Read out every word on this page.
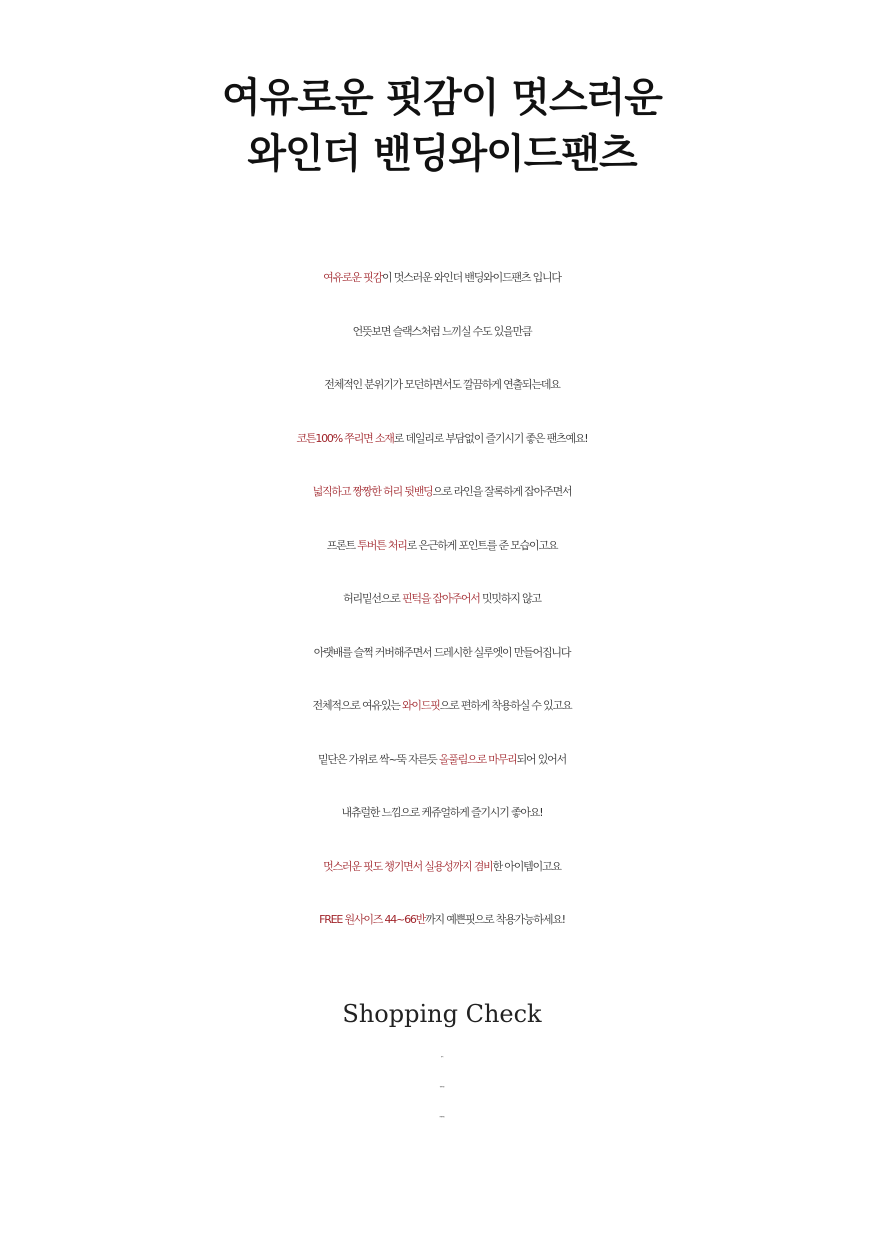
여유로운 핏감이 멋스러운
와인더 밴딩와이드팬츠
여유로운 핏감이 멋스러운 와인더 밴딩와이드팬츠 입니다
언뜻보면 슬랙스처럼 느끼실 수도 있을만큼
전체적인 분위기가 모던하면서도 깔끔하게 연출되는데요
코튼100% 쭈리면 소재로 데일리로 부담없이 즐기시기 좋은 팬츠예요!
넓직하고 짱짱한 허리 뒷밴딩으로 라인을 잘록하게 잡아주면서
프론트 투버튼 처리로 은근하게 포인트를 준 모습이고요
허리밑선으로 핀턱을 잡아주어서 밋밋하지 않고
아랫배를 슬쩍 커버해주면서 드레시한 실루엣이 만들어집니다
전체적으로 여유있는 와이드핏으로 편하게 착용하실 수 있고요
밑단은 가위로 싹~뚝 자른듯 올풀림으로 마무리되어 있어서
내츄럴한 느낌으로 케쥬얼하게 즐기시기 좋아요!
멋스러운 핏도 챙기면서 실용성까지 겸비한 아이템이고요
FREE 원사이즈 44~66반까지 예쁜핏으로 착용가능하세요!
Shopping Check
